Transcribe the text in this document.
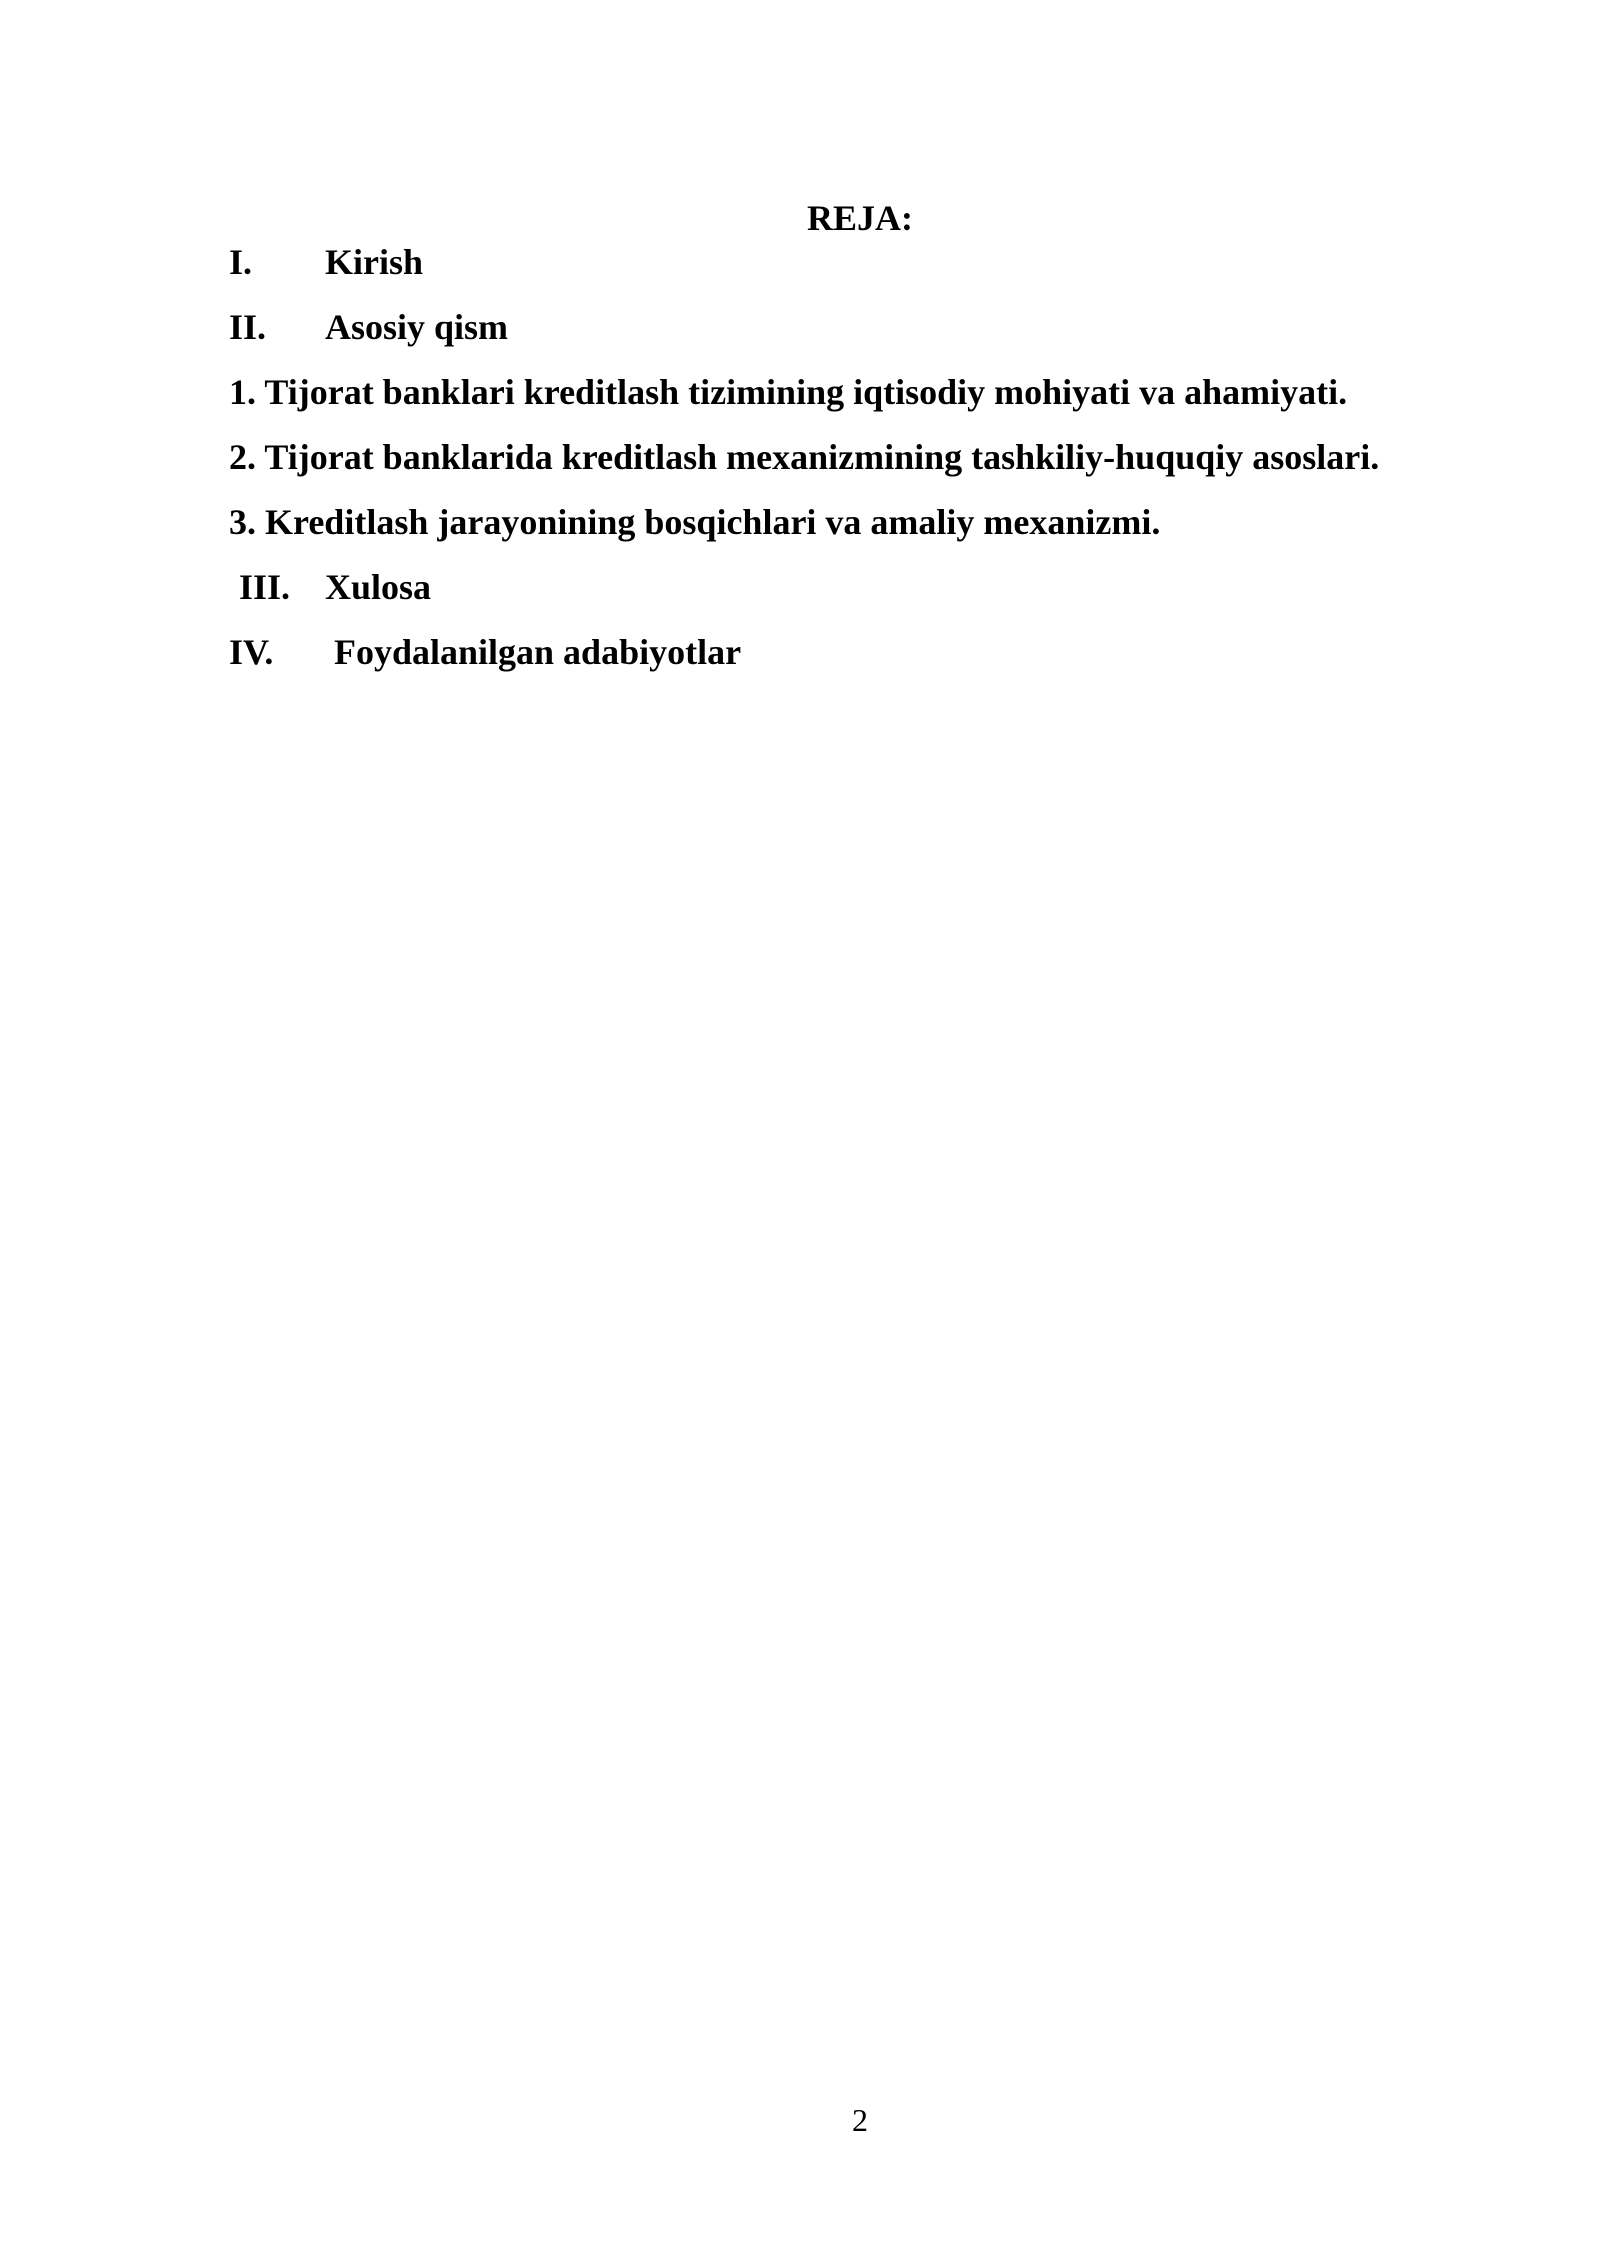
REJA:
I. Kirish
II. Asosiy qism
1. Tijorat banklari kreditlash tizimining iqtisodiy mohiyati va ahamiyati.
2. Tijorat banklarida kreditlash mexanizmining tashkiliy-huquqiy asoslari.
3. Kreditlash jarayonining bosqichlari va amaliy mexanizmi.
III. Xulosa
IV. Foydalanilgan adabiyotlar
2
